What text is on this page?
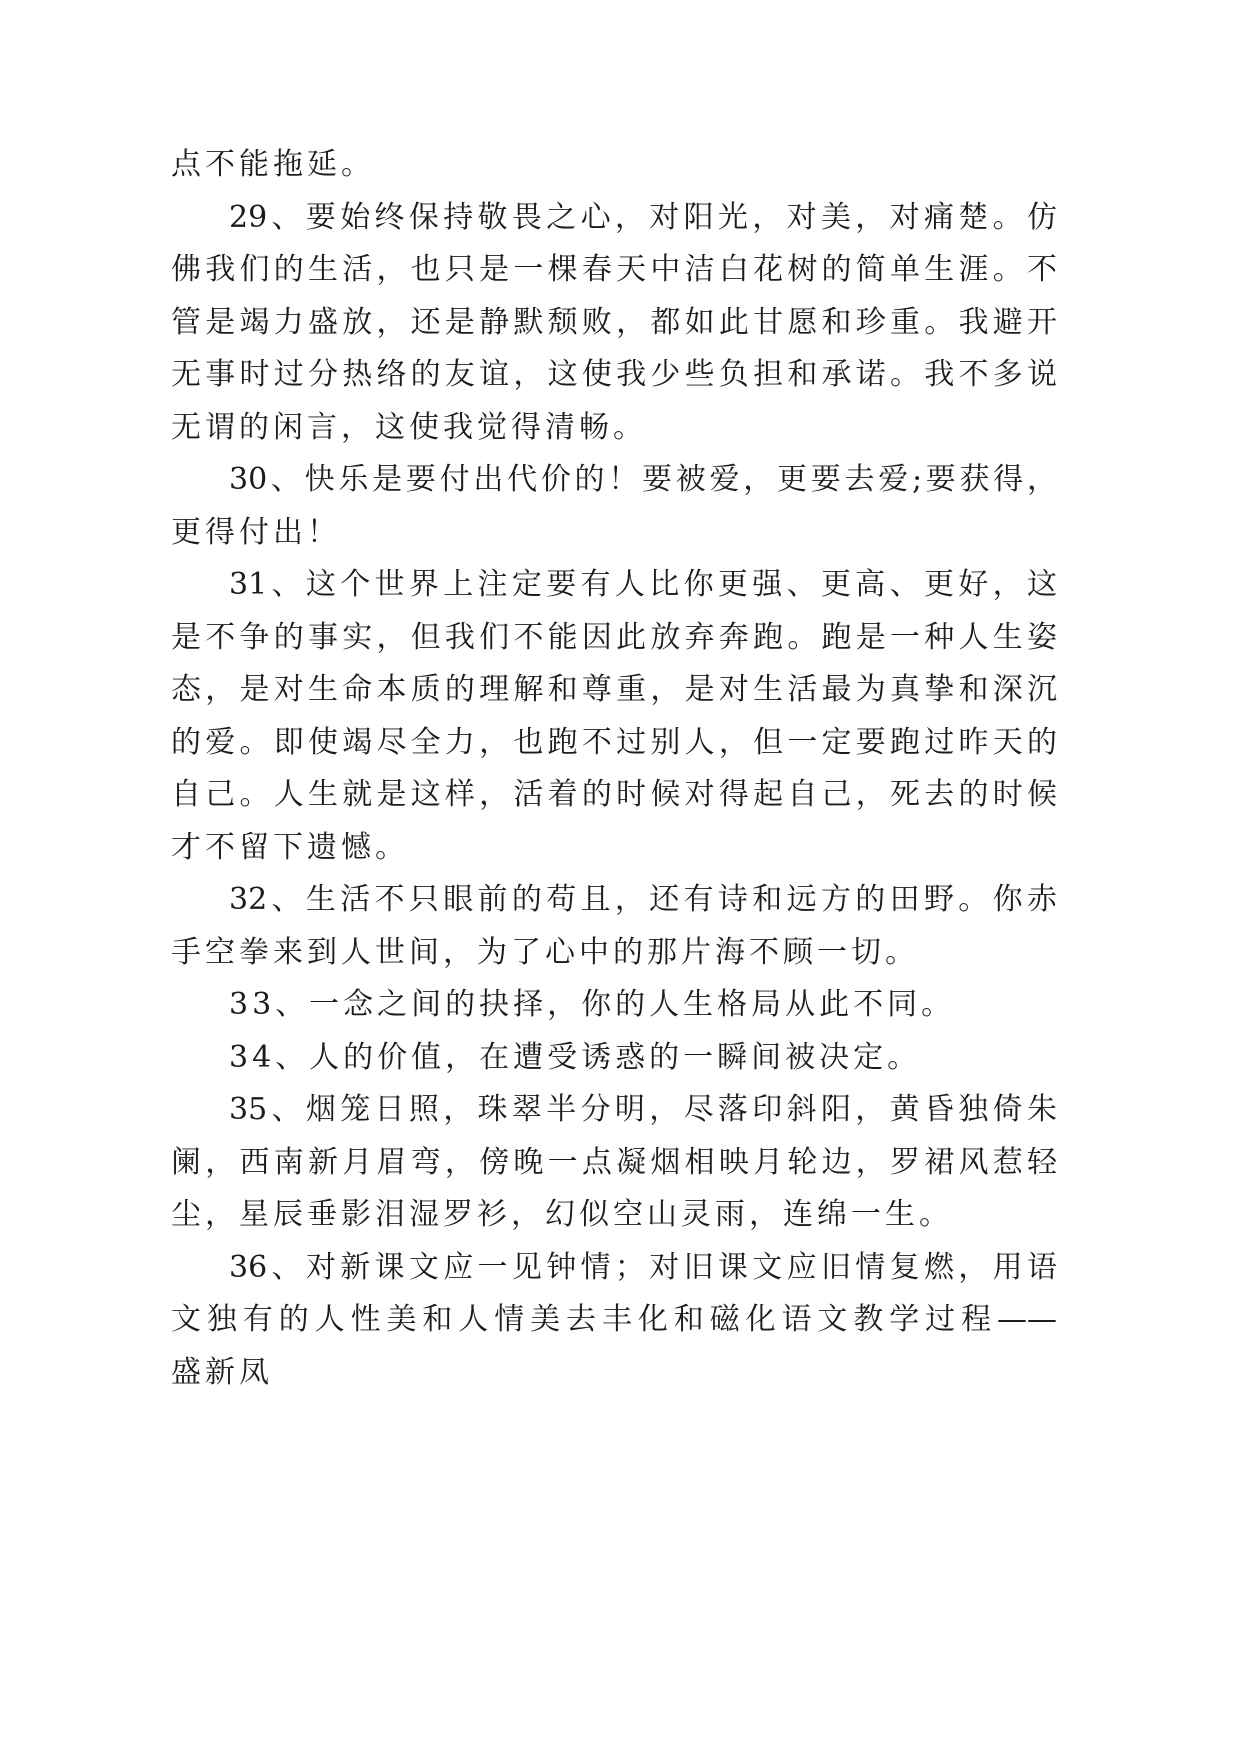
点不能拖延。
29、要始终保持敬畏之心，对阳光，对美，对痛楚。仿
佛我们的生活，也只是一棵春天中洁白花树的简单生涯。不
管是竭力盛放，还是静默颓败，都如此甘愿和珍重。我避开
无事时过分热络的友谊，这使我少些负担和承诺。我不多说
无谓的闲言，这使我觉得清畅。
30、快乐是要付出代价的！要被爱，更要去爱;要获得，
更得付出！
31、这个世界上注定要有人比你更强、更高、更好，这
是不争的事实，但我们不能因此放弃奔跑。跑是一种人生姿
态，是对生命本质的理解和尊重，是对生活最为真挚和深沉
的爱。即使竭尽全力，也跑不过别人，但一定要跑过昨天的
自己。人生就是这样，活着的时候对得起自己，死去的时候
才不留下遗憾。
32、生活不只眼前的苟且，还有诗和远方的田野。你赤
手空拳来到人世间，为了心中的那片海不顾一切。
33、一念之间的抉择，你的人生格局从此不同。
34、人的价值，在遭受诱惑的一瞬间被决定。
35、烟笼日照，珠翠半分明，尽落印斜阳，黄昏独倚朱
阑，西南新月眉弯，傍晚一点凝烟相映月轮边，罗裙风惹轻
尘，星辰垂影泪湿罗衫，幻似空山灵雨，连绵一生。
36、对新课文应一见钟情；对旧课文应旧情复燃，用语
文独有的人性美和人情美去丰化和磁化语文教学过程——
盛新凤
